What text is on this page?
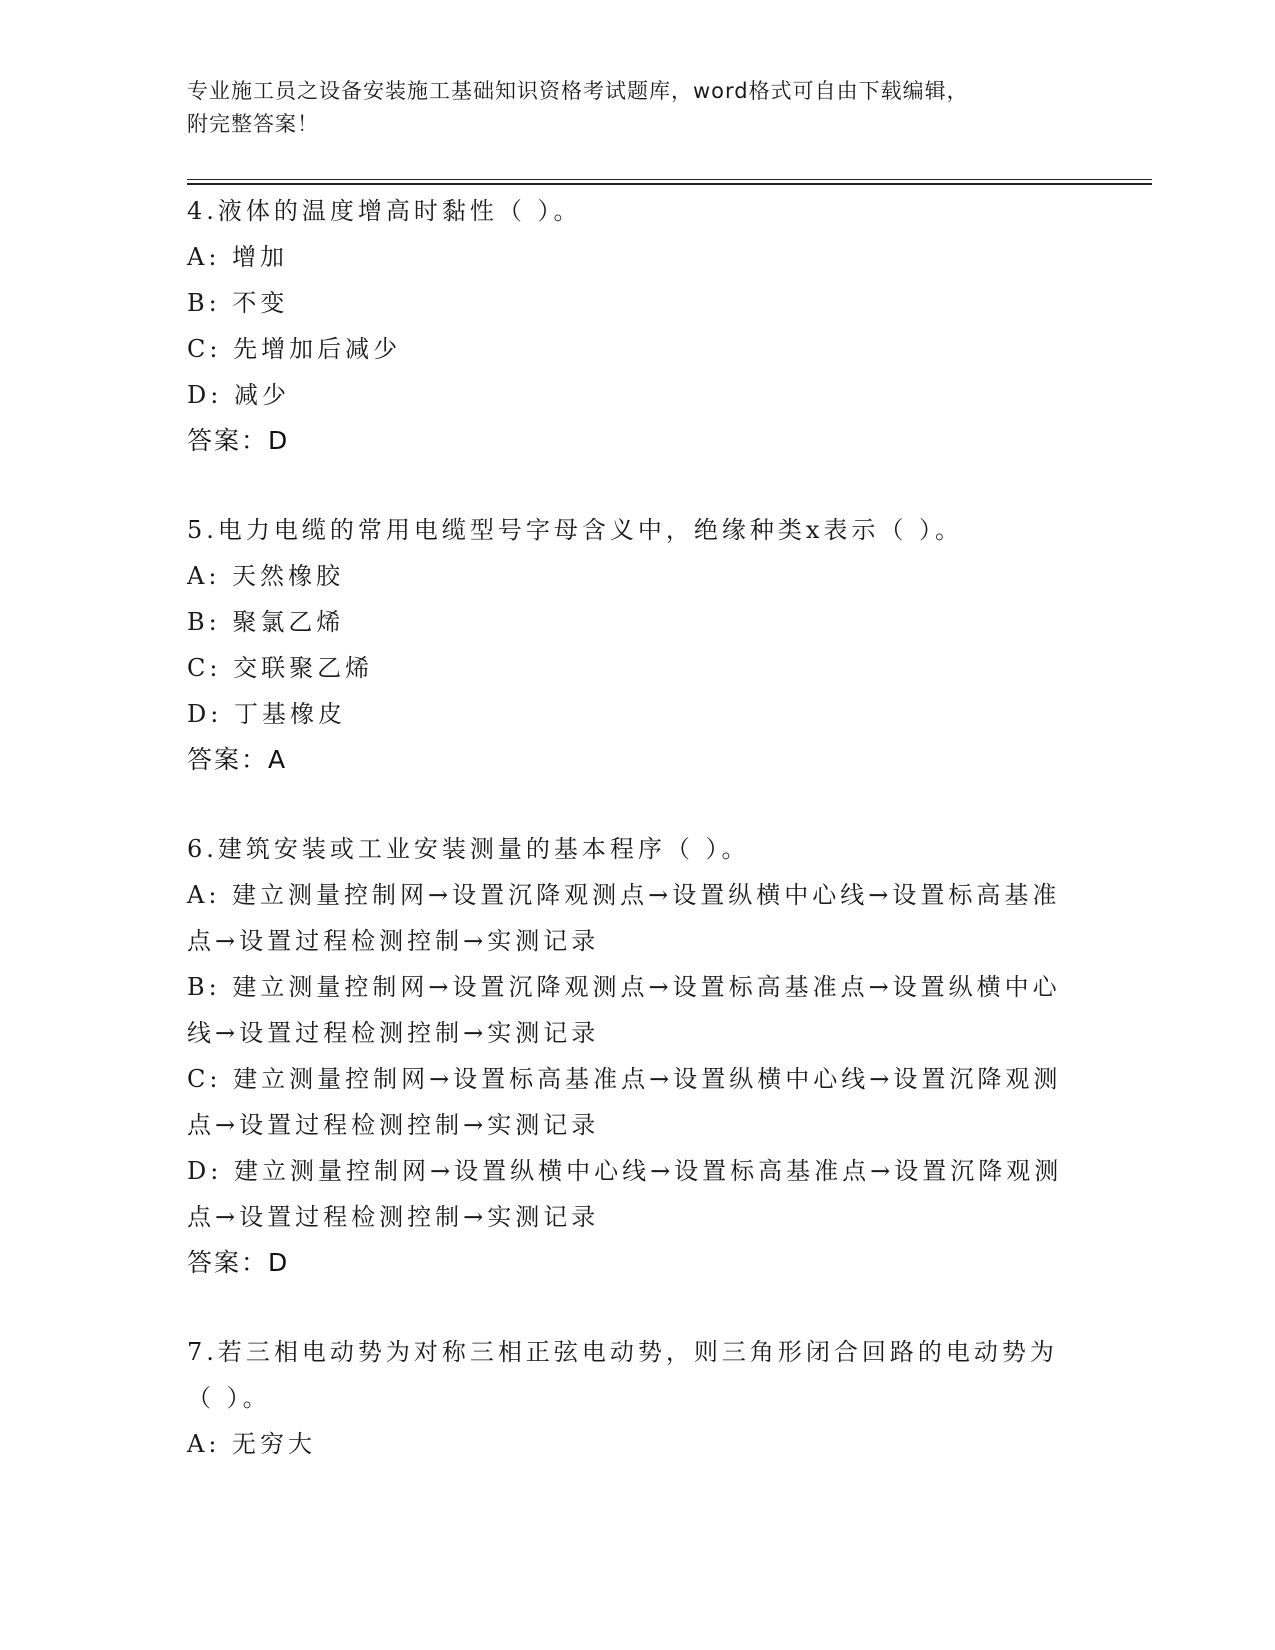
专业施工员之设备安装施工基础知识资格考试题库，word格式可自由下载编辑，
附完整答案！
4.液体的温度增高时黏性（ ）。
A: 增加
B: 不变
C: 先增加后减少
D: 减少
答案：D
5.电力电缆的常用电缆型号字母含义中，绝缘种类x表示（ ）。
A: 天然橡胶
B: 聚氯乙烯
C: 交联聚乙烯
D: 丁基橡皮
答案：A
6.建筑安装或工业安装测量的基本程序（ ）。
A: 建立测量控制网→设置沉降观测点→设置纵横中心线→设置标高基准点→设置过程检测控制→实测记录
B: 建立测量控制网→设置沉降观测点→设置标高基准点→设置纵横中心线→设置过程检测控制→实测记录
C: 建立测量控制网→设置标高基准点→设置纵横中心线→设置沉降观测点→设置过程检测控制→实测记录
D: 建立测量控制网→设置纵横中心线→设置标高基准点→设置沉降观测点→设置过程检测控制→实测记录
答案：D
7.若三相电动势为对称三相正弦电动势，则三角形闭合回路的电动势为（ ）。
A: 无穷大
